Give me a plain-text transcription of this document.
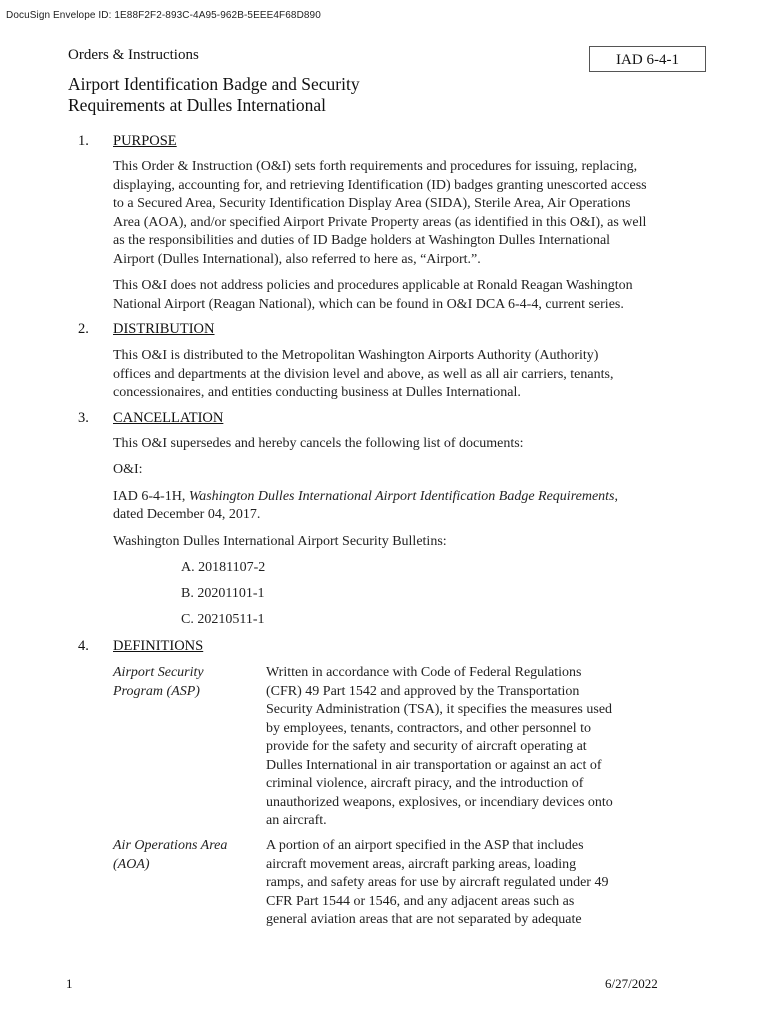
DocuSign Envelope ID: 1E88F2F2-893C-4A95-962B-5EEE4F68D890
Orders & Instructions	IAD 6-4-1
Airport Identification Badge and Security
Requirements at Dulles International
1. PURPOSE
This Order & Instruction (O&I) sets forth requirements and procedures for issuing, replacing,
displaying, accounting for, and retrieving Identification (ID) badges granting unescorted access
to a Secured Area, Security Identification Display Area (SIDA), Sterile Area, Air Operations
Area (AOA), and/or specified Airport Private Property areas (as identified in this O&I), as well
as the responsibilities and duties of ID Badge holders at Washington Dulles International
Airport (Dulles International), also referred to here as, “Airport.”.
This O&I does not address policies and procedures applicable at Ronald Reagan Washington
National Airport (Reagan National), which can be found in O&I DCA 6-4-4, current series.
2. DISTRIBUTION
This O&I is distributed to the Metropolitan Washington Airports Authority (Authority)
offices and departments at the division level and above, as well as all air carriers, tenants,
concessionaires, and entities conducting business at Dulles International.
3. CANCELLATION
This O&I supersedes and hereby cancels the following list of documents:
O&I:
IAD 6-4-1H, Washington Dulles International Airport Identification Badge Requirements,
dated December 04, 2017.
Washington Dulles International Airport Security Bulletins:
A. 20181107-2
B. 20201101-1
C. 20210511-1
4. DEFINITIONS
Airport Security
Program (ASP)
Written in accordance with Code of Federal Regulations
(CFR) 49 Part 1542 and approved by the Transportation
Security Administration (TSA), it specifies the measures used
by employees, tenants, contractors, and other personnel to
provide for the safety and security of aircraft operating at
Dulles International in air transportation or against an act of
criminal violence, aircraft piracy, and the introduction of
unauthorized weapons, explosives, or incendiary devices onto
an aircraft.
Air Operations Area
(AOA)
A portion of an airport specified in the ASP that includes
aircraft movement areas, aircraft parking areas, loading
ramps, and safety areas for use by aircraft regulated under 49
CFR Part 1544 or 1546, and any adjacent areas such as
general aviation areas that are not separated by adequate
1	6/27/2022
